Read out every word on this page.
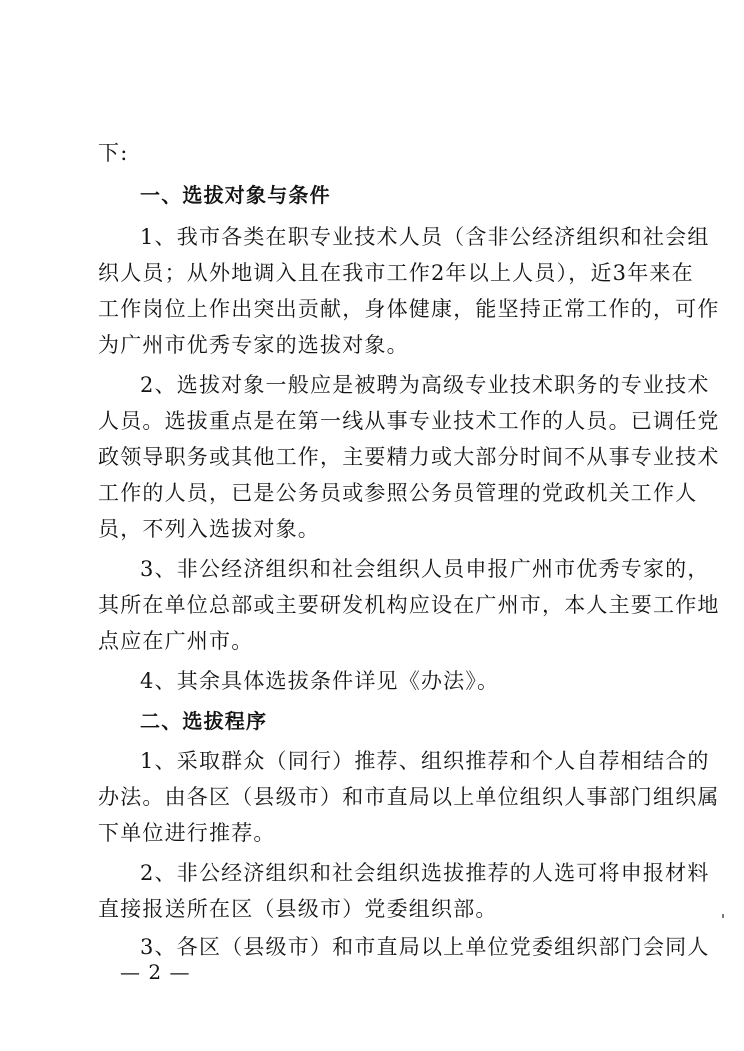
下:
一、选拔对象与条件
1、我市各类在职专业技术人员（含非公经济组织和社会组
织人员；从外地调入且在我市工作2年以上人员），近3年来在
工作岗位上作出突出贡献，身体健康，能坚持正常工作的，可作
为广州市优秀专家的选拔对象。
2、选拔对象一般应是被聘为高级专业技术职务的专业技术
人员。选拔重点是在第一线从事专业技术工作的人员。已调任党
政领导职务或其他工作，主要精力或大部分时间不从事专业技术
工作的人员，已是公务员或参照公务员管理的党政机关工作人
员，不列入选拔对象。
3、非公经济组织和社会组织人员申报广州市优秀专家的，
其所在单位总部或主要研发机构应设在广州市，本人主要工作地
点应在广州市。
4、其余具体选拔条件详见《办法》。
二、选拔程序
1、采取群众（同行）推荐、组织推荐和个人自荐相结合的
办法。由各区（县级市）和市直局以上单位组织人事部门组织属
下单位进行推荐。
2、非公经济组织和社会组织选拔推荐的人选可将申报材料
直接报送所在区（县级市）党委组织部。
3、各区（县级市）和市直局以上单位党委组织部门会同人
— 2 —
